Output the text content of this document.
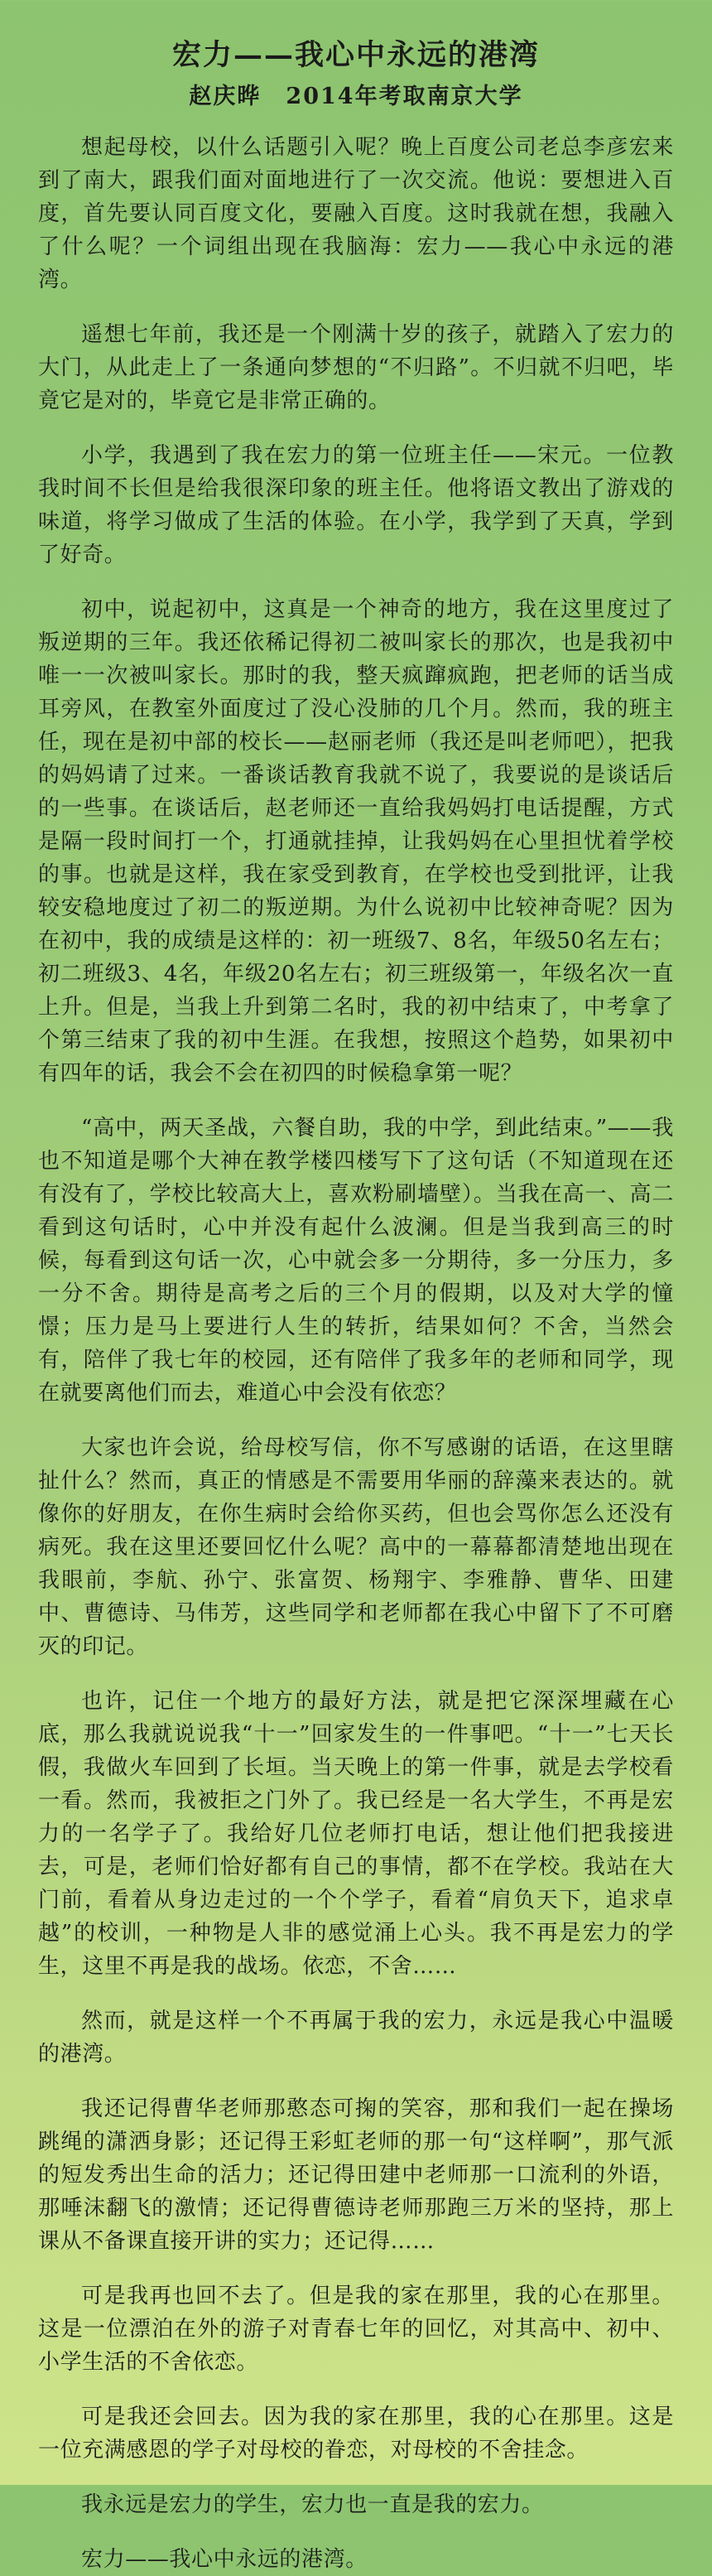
宏力——我心中永远的港湾
赵庆晔 2014年考取南京大学

想起母校，以什么话题引入呢？晚上百度公司老总李彦宏来到了南大，跟我们面对面地进行了一次交流。他说：要想进入百度，首先要认同百度文化，要融入百度。这时我就在想，我融入了什么呢？一个词组出现在我脑海：宏力——我心中永远的港湾。

遥想七年前，我还是一个刚满十岁的孩子，就踏入了宏力的大门，从此走上了一条通向梦想的“不归路”。不归就不归吧，毕竟它是对的，毕竟它是非常正确的。

小学，我遇到了我在宏力的第一位班主任——宋元。一位教我时间不长但是给我很深印象的班主任。他将语文教出了游戏的味道，将学习做成了生活的体验。在小学，我学到了天真，学到了好奇。

初中，说起初中，这真是一个神奇的地方，我在这里度过了叛逆期的三年。我还依稀记得初二被叫家长的那次，也是我初中唯一一次被叫家长。那时的我，整天疯蹿疯跑，把老师的话当成耳旁风，在教室外面度过了没心没肺的几个月。然而，我的班主任，现在是初中部的校长——赵丽老师（我还是叫老师吧），把我的妈妈请了过来。一番谈话教育我就不说了，我要说的是谈话后的一些事。在谈话后，赵老师还一直给我妈妈打电话提醒，方式是隔一段时间打一个，打通就挂掉，让我妈妈在心里担忧着学校的事。也就是这样，我在家受到教育，在学校也受到批评，让我较安稳地度过了初二的叛逆期。为什么说初中比较神奇呢？因为在初中，我的成绩是这样的：初一班级7、8名，年级50名左右；初二班级3、4名，年级20名左右；初三班级第一，年级名次一直上升。但是，当我上升到第二名时，我的初中结束了，中考拿了个第三结束了我的初中生涯。在我想，按照这个趋势，如果初中有四年的话，我会不会在初四的时候稳拿第一呢？

“高中，两天圣战，六餐自助，我的中学，到此结束。”——我也不知道是哪个大神在教学楼四楼写下了这句话（不知道现在还有没有了，学校比较高大上，喜欢粉刷墙壁）。当我在高一、高二看到这句话时，心中并没有起什么波澜。但是当我到高三的时候，每看到这句话一次，心中就会多一分期待，多一分压力，多一分不舍。期待是高考之后的三个月的假期，以及对大学的憧憬；压力是马上要进行人生的转折，结果如何？不舍，当然会有，陪伴了我七年的校园，还有陪伴了我多年的老师和同学，现在就要离他们而去，难道心中会没有依恋？

大家也许会说，给母校写信，你不写感谢的话语，在这里瞎扯什么？然而，真正的情感是不需要用华丽的辞藻来表达的。就像你的好朋友，在你生病时会给你买药，但也会骂你怎么还没有病死。我在这里还要回忆什么呢？高中的一幕幕都清楚地出现在我眼前，李航、孙宁、张富贺、杨翔宇、李雅静、曹华、田建中、曹德诗、马伟芳，这些同学和老师都在我心中留下了不可磨灭的印记。

也许，记住一个地方的最好方法，就是把它深深埋藏在心底，那么我就说说我“十一”回家发生的一件事吧。“十一”七天长假，我做火车回到了长垣。当天晚上的第一件事，就是去学校看一看。然而，我被拒之门外了。我已经是一名大学生，不再是宏力的一名学子了。我给好几位老师打电话，想让他们把我接进去，可是，老师们恰好都有自己的事情，都不在学校。我站在大门前，看着从身边走过的一个个学子，看着“肩负天下，追求卓越”的校训，一种物是人非的感觉涌上心头。我不再是宏力的学生，这里不再是我的战场。依恋，不舍……

然而，就是这样一个不再属于我的宏力，永远是我心中温暖的港湾。

我还记得曹华老师那憨态可掬的笑容，那和我们一起在操场跳绳的潇洒身影；还记得王彩虹老师的那一句“这样啊”，那气派的短发秀出生命的活力；还记得田建中老师那一口流利的外语，那唾沫翻飞的激情；还记得曹德诗老师那跑三万米的坚持，那上课从不备课直接开讲的实力；还记得……

可是我再也回不去了。但是我的家在那里，我的心在那里。这是一位漂泊在外的游子对青春七年的回忆，对其高中、初中、小学生活的不舍依恋。

可是我还会回去。因为我的家在那里，我的心在那里。这是一位充满感恩的学子对母校的眷恋，对母校的不舍挂念。

我永远是宏力的学生，宏力也一直是我的宏力。

宏力——我心中永远的港湾。
